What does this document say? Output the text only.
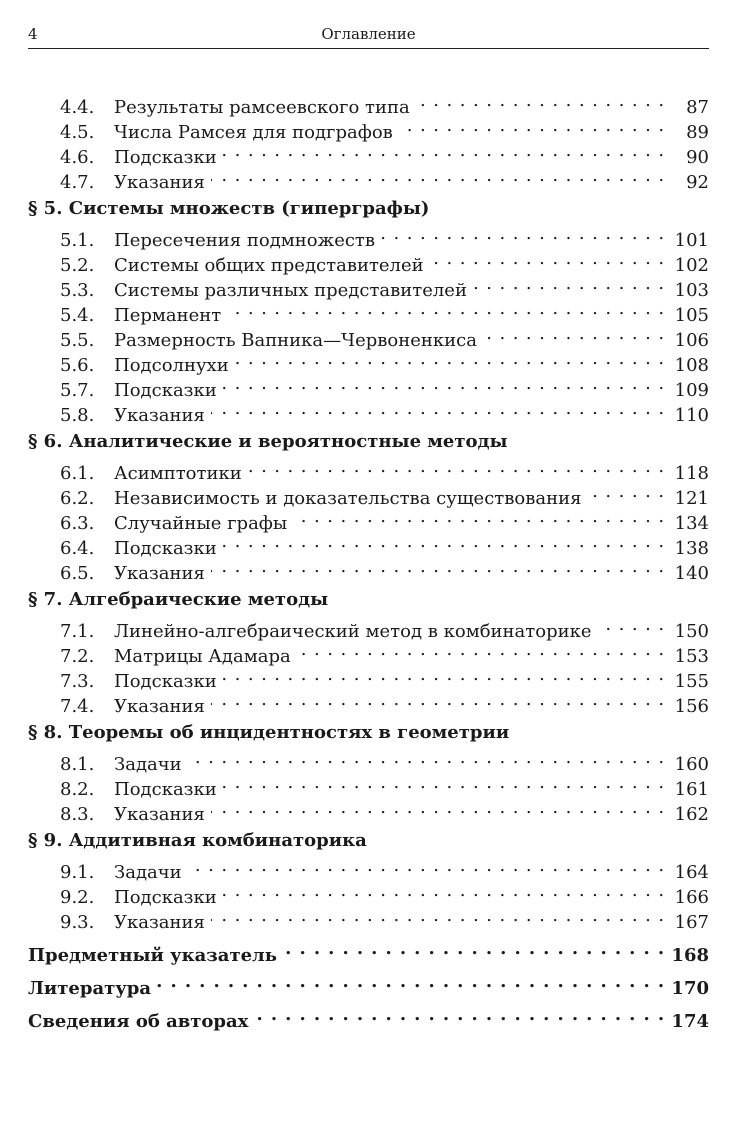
4	Оглавление
4.4.	Результаты рамсеевского типа . . .	87
4.5.	Числа Рамсея для подграфов . . .	89
4.6.	Подсказки . . .	90
4.7.	Указания . . .	92
§ 5. Системы множеств (гиперграфы)
5.1.	Пересечения подмножеств . . .	101
5.2.	Системы общих представителей . . .	102
5.3.	Системы различных представителей . . .	103
5.4.	Перманент . . .	105
5.5.	Размерность Вапника—Червоненкиса . . .	106
5.6.	Подсолнухи . . .	108
5.7.	Подсказки . . .	109
5.8.	Указания . . .	110
§ 6. Аналитические и вероятностные методы
6.1.	Асимптотики . . .	118
6.2.	Независимость и доказательства существования . . .	121
6.3.	Случайные графы . . .	134
6.4.	Подсказки . . .	138
6.5.	Указания . . .	140
§ 7. Алгебраические методы
7.1.	Линейно-алгебраический метод в комбинаторике . . .	150
7.2.	Матрицы Адамара . . .	153
7.3.	Подсказки . . .	155
7.4.	Указания . . .	156
§ 8. Теоремы об инцидентностях в геометрии
8.1.	Задачи . . .	160
8.2.	Подсказки . . .	161
8.3.	Указания . . .	162
§ 9. Аддитивная комбинаторика
9.1.	Задачи . . .	164
9.2.	Подсказки . . .	166
9.3.	Указания . . .	167
Предметный указатель . . .	168
Литература . . .	170
Сведения об авторах . . .	174
